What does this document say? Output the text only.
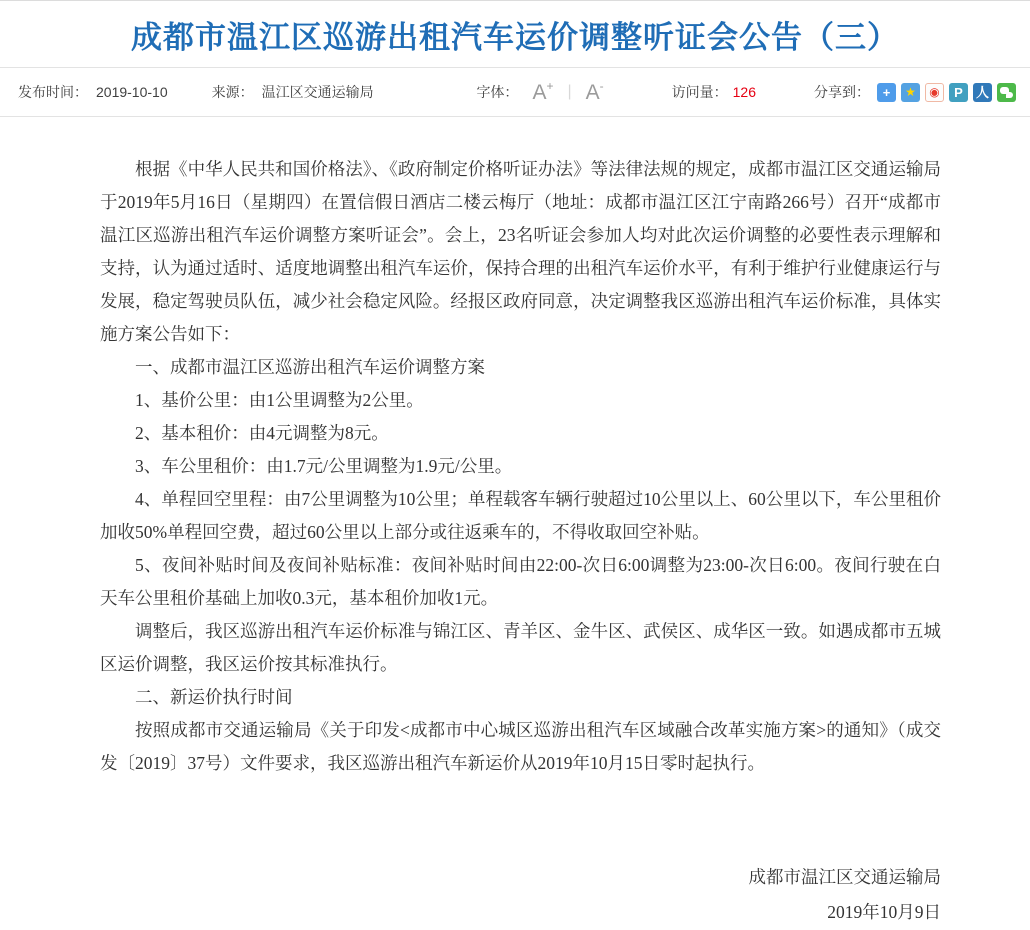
成都市温江区巡游出租汽车运价调整听证会公告（三）
发布时间： 2019-10-10	来源： 温江区交通运输局	字体： A+ | A-	访问量： 126	分享到： + ★ ◉ P 人

根据《中华人民共和国价格法》、《政府制定价格听证办法》等法律法规的规定，成都市温江区交通运输局于2019年5月16日（星期四）在置信假日酒店二楼云梅厅（地址：成都市温江区江宁南路266号）召开“成都市温江区巡游出租汽车运价调整方案听证会”。会上，23名听证会参加人均对此次运价调整的必要性表示理解和支持，认为通过适时、适度地调整出租汽车运价，保持合理的出租汽车运价水平，有利于维护行业健康运行与发展，稳定驾驶员队伍，减少社会稳定风险。经报区政府同意，决定调整我区巡游出租汽车运价标准，具体实施方案公告如下：

一、成都市温江区巡游出租汽车运价调整方案

1、基价公里：由1公里调整为2公里。

2、基本租价：由4元调整为8元。

3、车公里租价：由1.7元/公里调整为1.9元/公里。

4、单程回空里程：由7公里调整为10公里；单程载客车辆行驶超过10公里以上、60公里以下，车公里租价加收50%单程回空费，超过60公里以上部分或往返乘车的，不得收取回空补贴。

5、夜间补贴时间及夜间补贴标准：夜间补贴时间由22:00-次日6:00调整为23:00-次日6:00。夜间行驶在白天车公里租价基础上加收0.3元，基本租价加收1元。

调整后，我区巡游出租汽车运价标准与锦江区、青羊区、金牛区、武侯区、成华区一致。如遇成都市五城区运价调整，我区运价按其标准执行。

二、新运价执行时间

按照成都市交通运输局《关于印发<成都市中心城区巡游出租汽车区域融合改革实施方案>的通知》（成交发〔2019〕37号）文件要求，我区巡游出租汽车新运价从2019年10月15日零时起执行。

成都市温江区交通运输局

2019年10月9日
